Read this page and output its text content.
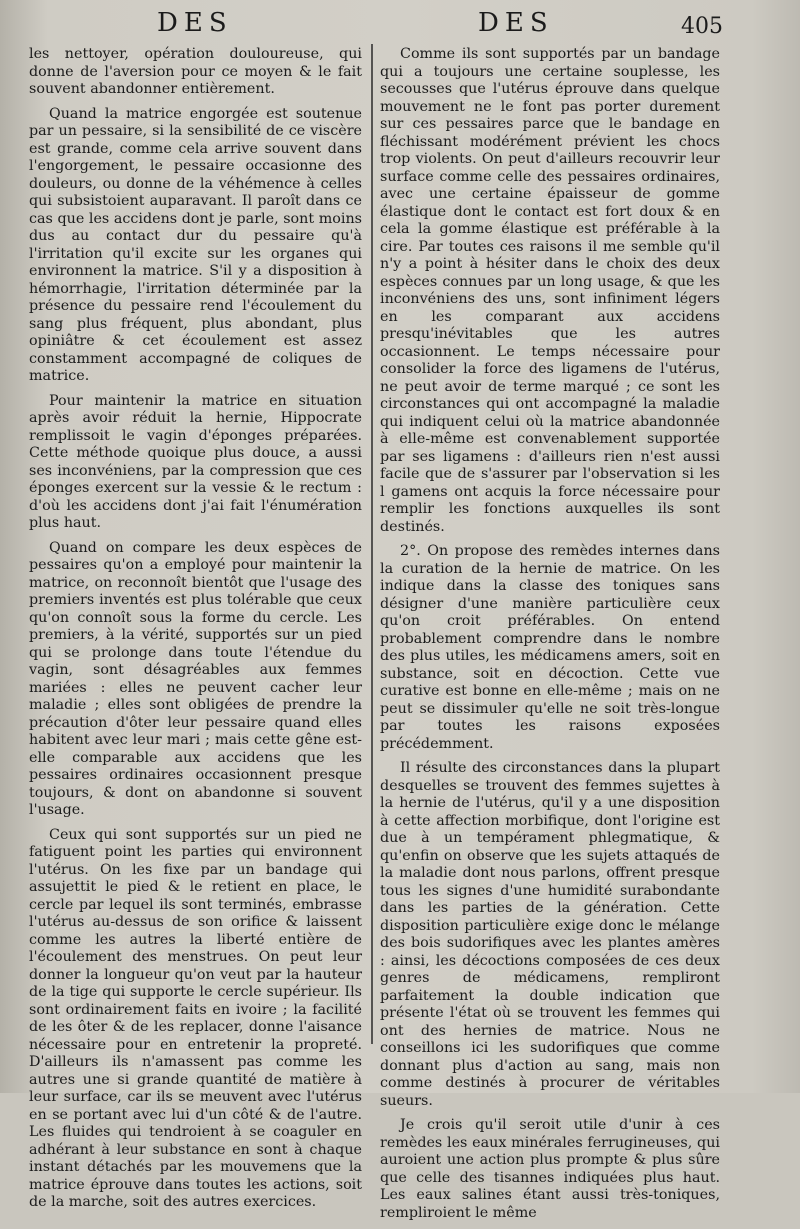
DES	DES	405

les nettoyer, opération douloureuse, qui donne de l'aversion pour ce moyen & le fait souvent abandonner entièrement.

Quand la matrice engorgée est soutenue par un pessaire, si la sensibilité de ce viscère est grande, comme cela arrive souvent dans l'engorgement, le pessaire occasionne des douleurs, ou donne de la véhémence à celles qui subsistoient auparavant. Il paroît dans ce cas que les accidens dont je parle, sont moins dus au contact dur du pessaire qu'à l'irritation qu'il excite sur les organes qui environnent la matrice. S'il y a disposition à hémorrhagie, l'irritation déterminée par la présence du pessaire rend l'écoulement du sang plus fréquent, plus abondant, plus opiniâtre & cet écoulement est assez constamment accompagné de coliques de matrice.

Pour maintenir la matrice en situation après avoir réduit la hernie, Hippocrate remplissoit le vagin d'éponges préparées. Cette méthode quoique plus douce, a aussi ses inconvéniens, par la compression que ces éponges exercent sur la vessie & le rectum : d'où les accidens dont j'ai fait l'énumération plus haut.

Quand on compare les deux espèces de pessaires qu'on a employé pour maintenir la matrice, on reconnoît bientôt que l'usage des premiers inventés est plus tolérable que ceux qu'on connoît sous la forme du cercle. Les premiers, à la vérité, supportés sur un pied qui se prolonge dans toute l'étendue du vagin, sont désagréables aux femmes mariées : elles ne peuvent cacher leur maladie ; elles sont obligées de prendre la précaution d'ôter leur pessaire quand elles habitent avec leur mari ; mais cette gêne est-elle comparable aux accidens que les pessaires ordinaires occasionnent presque toujours, & dont on abandonne si souvent l'usage.

Ceux qui sont supportés sur un pied ne fatiguent point les parties qui environnent l'utérus. On les fixe par un bandage qui assujettit le pied & le retient en place, le cercle par lequel ils sont terminés, embrasse l'utérus au-dessus de son orifice & laissent comme les autres la liberté entière de l'écoulement des menstrues. On peut leur donner la longueur qu'on veut par la hauteur de la tige qui supporte le cercle supérieur. Ils sont ordinairement faits en ivoire ; la facilité de les ôter & de les replacer, donne l'aisance nécessaire pour en entretenir la propreté. D'ailleurs ils n'amassent pas comme les autres une si grande quantité de matière à leur surface, car ils se meuvent avec l'utérus en se portant avec lui d'un côté & de l'autre. Les fluides qui tendroient à se coaguler en adhérant à leur substance en sont à chaque instant détachés par les mouvemens que la matrice éprouve dans toutes les actions, soit de la marche, soit des autres exercices.

Comme ils sont supportés par un bandage qui a toujours une certaine souplesse, les secousses que l'utérus éprouve dans quelque mouvement ne le font pas porter durement sur ces pessaires parce que le bandage en fléchissant modérément prévient les chocs trop violents. On peut d'ailleurs recouvrir leur surface comme celle des pessaires ordinaires, avec une certaine épaisseur de gomme élastique dont le contact est fort doux & en cela la gomme élastique est préférable à la cire. Par toutes ces raisons il me semble qu'il n'y a point à hésiter dans le choix des deux espèces connues par un long usage, & que les inconvéniens des uns, sont infiniment légers en les comparant aux accidens presqu'inévitables que les autres occasionnent. Le temps nécessaire pour consolider la force des ligamens de l'utérus, ne peut avoir de terme marqué ; ce sont les circonstances qui ont accompagné la maladie qui indiquent celui où la matrice abandonnée à elle-même est convenablement supportée par ses ligamens : d'ailleurs rien n'est aussi facile que de s'assurer par l'observation si les l gamens ont acquis la force nécessaire pour remplir les fonctions auxquelles ils sont destinés.

2°. On propose des remèdes internes dans la curation de la hernie de matrice. On les indique dans la classe des toniques sans désigner d'une manière particulière ceux qu'on croit préférables. On entend probablement comprendre dans le nombre des plus utiles, les médicamens amers, soit en substance, soit en décoction. Cette vue curative est bonne en elle-même ; mais on ne peut se dissimuler qu'elle ne soit très-longue par toutes les raisons exposées précédemment.

Il résulte des circonstances dans la plupart desquelles se trouvent des femmes sujettes à la hernie de l'utérus, qu'il y a une disposition à cette affection morbifique, dont l'origine est due à un tempérament phlegmatique, & qu'enfin on observe que les sujets attaqués de la maladie dont nous parlons, offrent presque tous les signes d'une humidité surabondante dans les parties de la génération. Cette disposition particulière exige donc le mélange des bois sudorifiques avec les plantes amères : ainsi, les décoctions composées de ces deux genres de médicamens, rempliront parfaitement la double indication que présente l'état où se trouvent les femmes qui ont des hernies de matrice. Nous ne conseillons ici les sudorifiques que comme donnant plus d'action au sang, mais non comme destinés à procurer de véritables sueurs.

Je crois qu'il seroit utile d'unir à ces remèdes les eaux minérales ferrugineuses, qui auroient une action plus prompte & plus sûre que celle des tisannes indiquées plus haut. Les eaux salines étant aussi très-toniques, rempliroient le même
